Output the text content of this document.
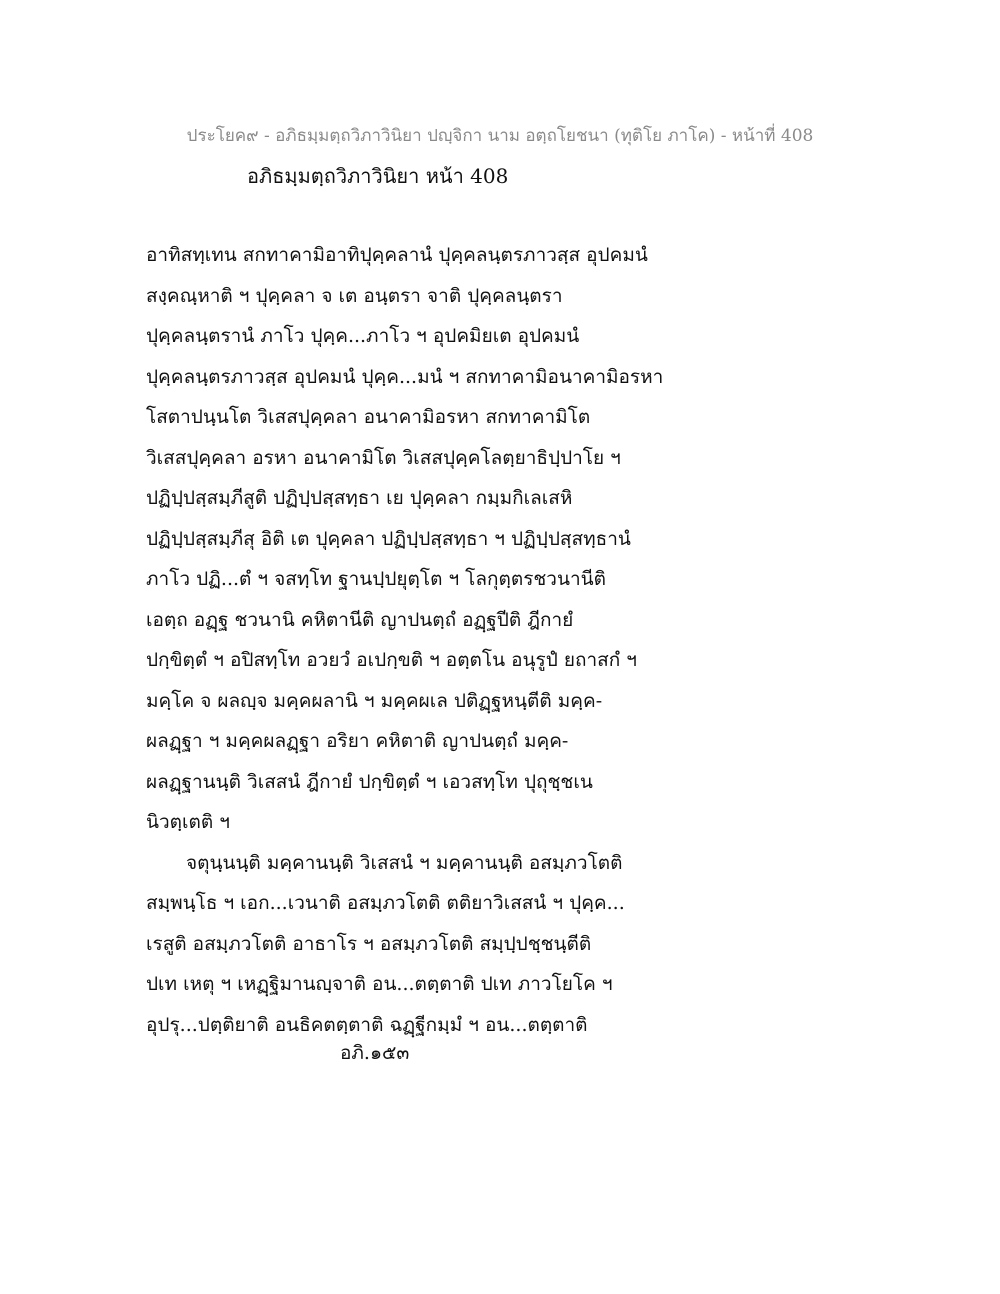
ประโยค๙ - อภิธมฺมตฺถวิภาวินิยา ปญฺจิกา นาม อตฺถโยชนา (ทุติโย ภาโค) - หน้าที่ 408
อภิธมฺมตฺถวิภาวินิยา หน้า 408
อาทิสทฺเทน สกทาคามิอาทิปุคฺคลานํ ปุคฺคลนฺตรภาวสฺส อุปคมนํ
สงฺคณฺหาติ ฯ ปุคฺคลา จ เต อนฺตรา จาติ ปุคฺคลนฺตรา
ปุคฺคลนฺตรานํ ภาโว ปุคฺค...ภาโว ฯ อุปคมิยเต อุปคมนํ
ปุคฺคลนฺตรภาวสฺส อุปคมนํ ปุคฺค...มนํ ฯ สกทาคามิอนาคามิอรหา
โสตาปนฺนโต วิเสสปุคฺคลา อนาคามิอรหา สกทาคามิโต
วิเสสปุคฺคลา อรหา อนาคามิโต วิเสสปุคฺคโลตฺยาธิปฺปาโย ฯ
ปฏิปฺปสฺสมฺภีสูติ ปฏิปฺปสฺสทฺธา เย ปุคฺคลา กมฺมกิเลเสหิ
ปฏิปฺปสฺสมฺภีสุ อิติ เต ปุคฺคลา ปฏิปฺปสฺสทฺธา ฯ ปฏิปฺปสฺสทฺธานํ
ภาโว ปฏิ...ตํ ฯ จสทฺโท ฐานปฺปยุตฺโต ฯ โลกุตฺตรชวนานีติ
เอตฺถ อฏฺฐ ชวนานิ คหิตานีติ ญาปนตฺถํ อฏฺฐปีติ ฎีกายํ
ปกฺขิตฺตํ ฯ อปิสทฺโท อวยวํ อเปกฺขติ ฯ อตฺตโน อนุรูปํ ยถาสกํ ฯ
มคฺโค จ ผลญฺจ มคฺคผลานิ ฯ มคฺคผเล ปติฏฺฐหนฺตีติ มคฺค-
ผลฏฺฐา ฯ มคฺคผลฏฺฐา อริยา คหิตาติ ญาปนตฺถํ มคฺค-
ผลฏฺฐานนฺติ วิเสสนํ ฎีกายํ ปกฺขิตฺตํ ฯ เอวสทฺโท ปุถุชฺชเน
นิวตฺเตติ ฯ
จตุนฺนนฺติ มคฺคานนฺติ วิเสสนํ ฯ มคฺคานนฺติ อสมฺภวโตติ
สมฺพนฺโธ ฯ เอก...เวนาติ อสมฺภวโตติ ตติยาวิเสสนํ ฯ ปุคฺค...
เรสูติ อสมฺภวโตติ อาธาโร ฯ อสมฺภวโตติ สมฺปฺปชฺชนฺตีติ
ปเท เหตุ ฯ เหฏฺฐิมานญฺจาติ อน...ตตฺตาติ ปเท ภาวโยโค ฯ
อุปรุ...ปตฺติยาติ อนธิคตตฺตาติ ฉฏฺฐีกมฺมํ ฯ อน...ตตฺตาติ
อภิ.๑๕๓
